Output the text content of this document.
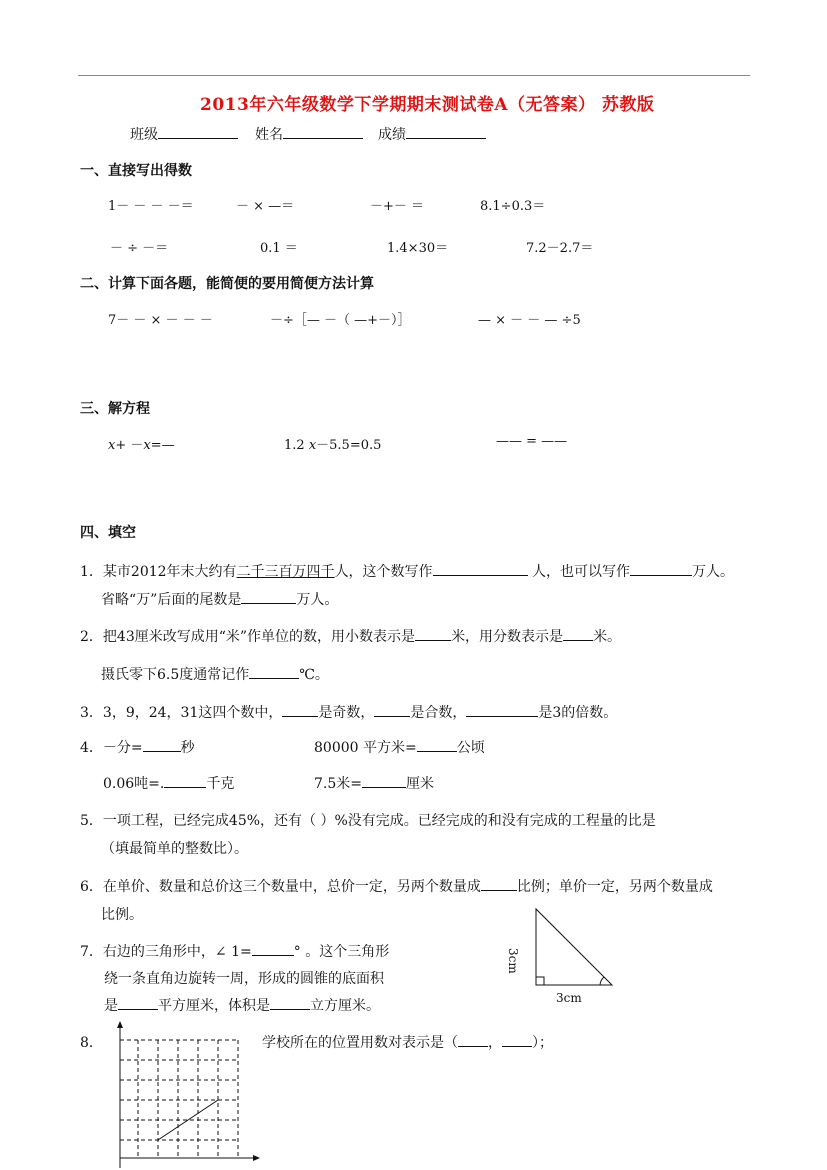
2013年六年级数学下学期期末测试卷A（无答案） 苏教版
班级	姓名	成绩
一、直接写出得数
1－ － － －＝	－ × —＝	－+－ ＝	8.1÷0.3＝
－ ÷ －＝	0.1 ＝	1.4×30＝	7.2－2.7＝
二、计算下面各题，能简便的要用简便方法计算
7－ － × － － －	－÷［— －（ —+－）］	— × － － — ÷5
三、解方程
x+ －x=—	1.2 x－5.5=0.5	—— = ——
四、填空
1．某市2012年末大约有二千三百万四千人，这个数写作	人，也可以写作	万人。
省略“万”后面的尾数是	万人。
2．把43厘米改写成用“米”作单位的数，用小数表示是	米，用分数表示是 米。
摄氏零下6.5度通常记作	℃。
3．3，9，24，31这四个数中，	是奇数，	是合数，	是3的倍数。
4．－分=	秒	80000 平方米=	公顷
0.06吨=.	千克	7.5米=	厘米
5．一项工程，已经完成45%，还有（ ）%没有完成。已经完成的和没有完成的工程量的比是
（填最简单的整数比）。
6．在单价、数量和总价这三个数量中，总价一定，另两个数量成	比例；单价一定，另两个数量成
比例。
7．右边的三角形中，∠ 1=	° 。这个三角形
绕一条直角边旋转一周，形成的圆锥的底面积
是	平方厘米，体积是	立方厘米。
3cm
3cm
8．	学校所在的位置用数对表示是（ ， ）；
